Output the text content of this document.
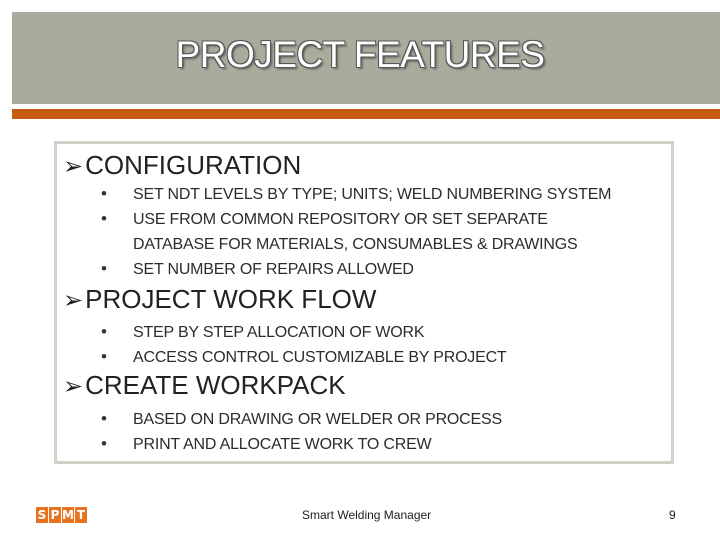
PROJECT FEATURES
➢CONFIGURATION
• SET NDT LEVELS BY TYPE; UNITS; WELD NUMBERING SYSTEM
• USE FROM COMMON REPOSITORY OR SET SEPARATE
DATABASE FOR MATERIALS, CONSUMABLES & DRAWINGS
• SET NUMBER OF REPAIRS ALLOWED
➢PROJECT WORK FLOW
• STEP BY STEP ALLOCATION OF WORK
• ACCESS CONTROL CUSTOMIZABLE BY PROJECT
➢CREATE WORKPACK
• BASED ON DRAWING OR WELDER OR PROCESS
• PRINT AND ALLOCATE WORK TO CREW
S P M T	Smart Welding Manager	9
